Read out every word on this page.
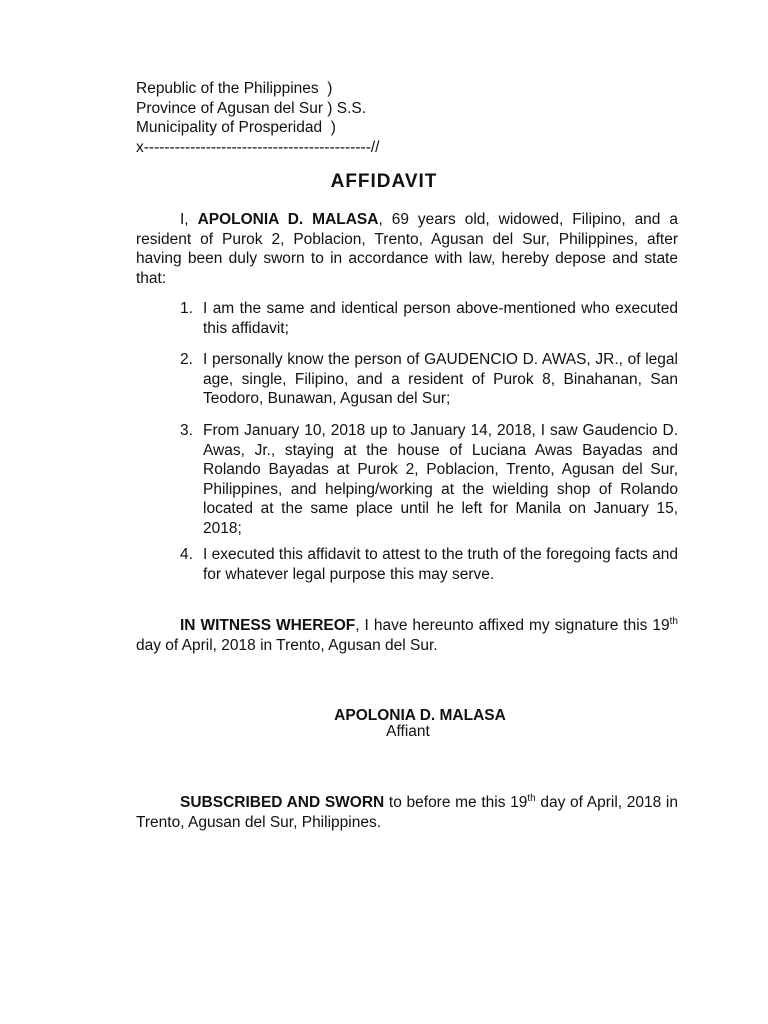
Republic of the Philippines  )
Province of Agusan del Sur ) S.S.
Municipality of Prosperidad  )
x--------------------------------------------//
AFFIDAVIT

I, APOLONIA D. MALASA, 69 years old, widowed, Filipino, and a resident of Purok 2, Poblacion, Trento, Agusan del Sur, Philippines, after having been duly sworn to in accordance with law, hereby depose and state that:

1. I am the same and identical person above-mentioned who executed this affidavit;
2. I personally know the person of GAUDENCIO D. AWAS, JR., of legal age, single, Filipino, and a resident of Purok 8, Binahanan, San Teodoro, Bunawan, Agusan del Sur;
3. From January 10, 2018 up to January 14, 2018, I saw Gaudencio D. Awas, Jr., staying at the house of Luciana Awas Bayadas and Rolando Bayadas at Purok 2, Poblacion, Trento, Agusan del Sur, Philippines, and helping/working at the wielding shop of Rolando located at the same place until he left for Manila on January 15, 2018;
4. I executed this affidavit to attest to the truth of the foregoing facts and for whatever legal purpose this may serve.

IN WITNESS WHEREOF, I have hereunto affixed my signature this 19th day of April, 2018 in Trento, Agusan del Sur.

APOLONIA D. MALASA
Affiant

SUBSCRIBED AND SWORN to before me this 19th day of April, 2018 in Trento, Agusan del Sur, Philippines.
